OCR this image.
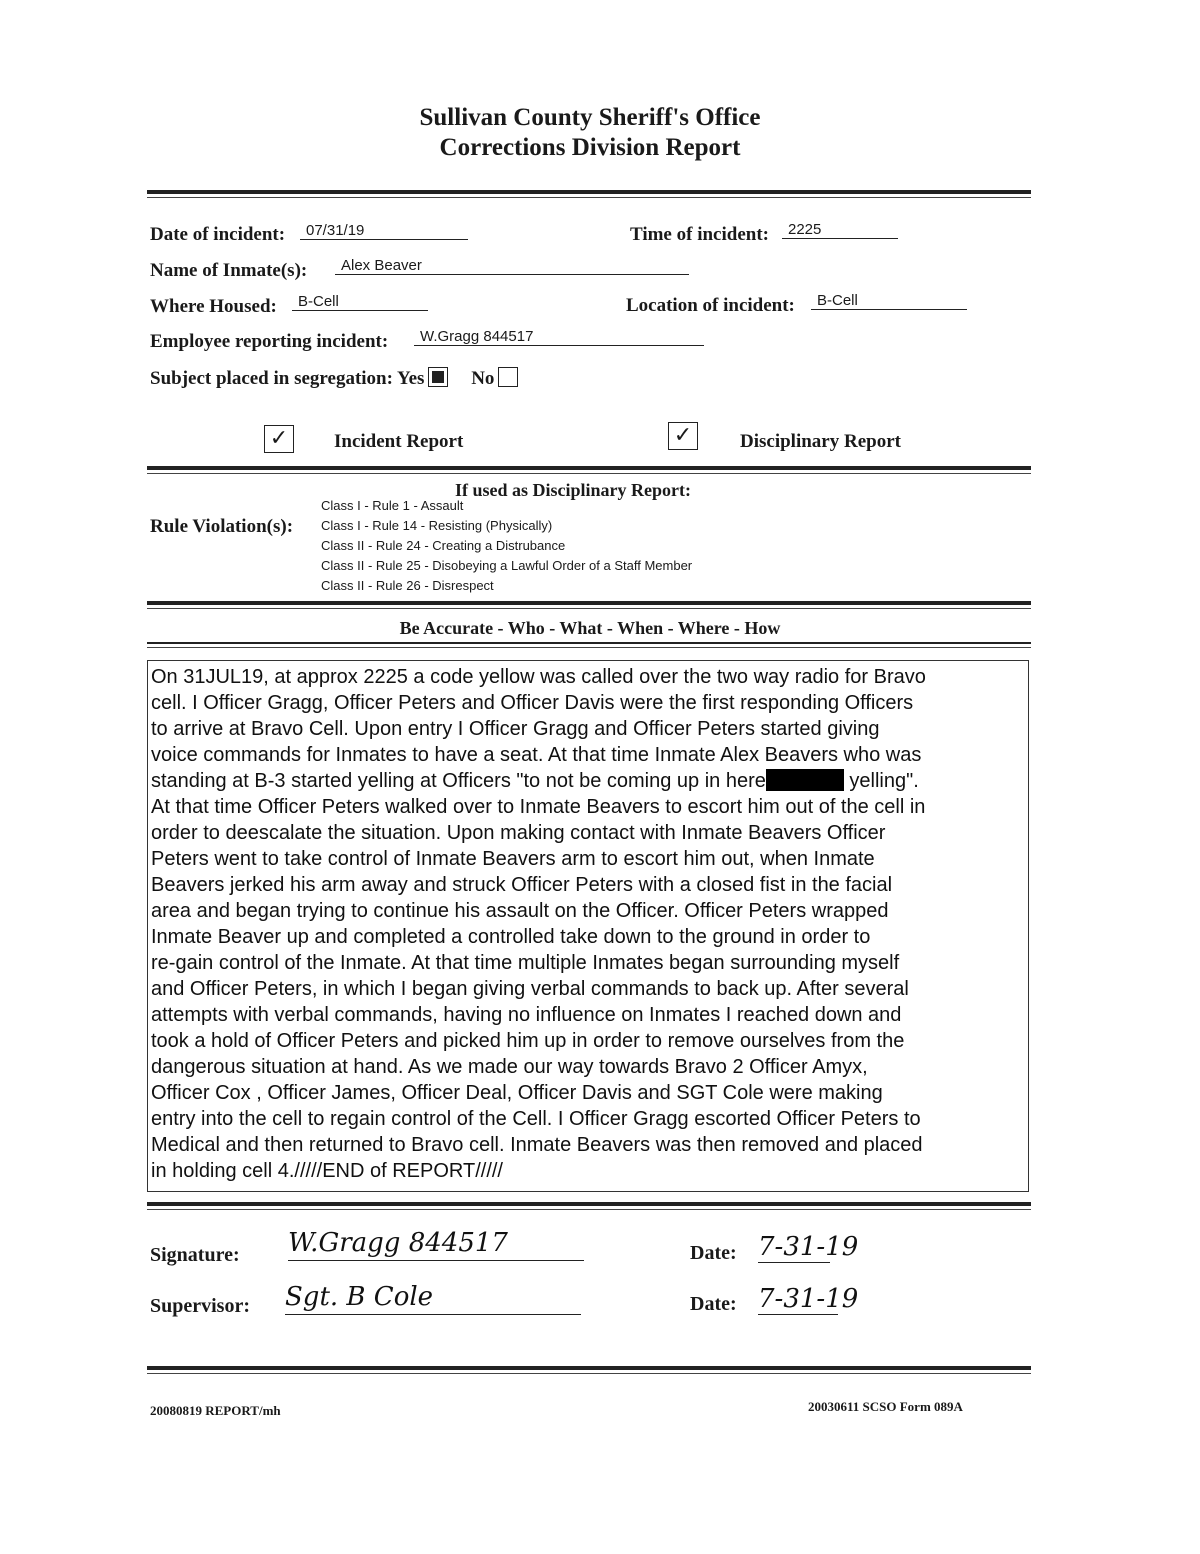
Sullivan County Sheriff's Office
Corrections Division Report
Date of incident:	07/31/19	Time of incident:	2225
Name of Inmate(s):	Alex Beaver
Where Housed:	B-Cell	Location of incident:	B-Cell
Employee reporting incident:	W.Gragg 844517
Subject placed in segregation: Yes No
✓	Incident Report	✓	Disciplinary Report
If used as Disciplinary Report:
Rule Violation(s):
Class I - Rule 1 - Assault
Class I - Rule 14 - Resisting (Physically)
Class II - Rule 24 - Creating a Distrubance
Class II - Rule 25 - Disobeying a Lawful Order of a Staff Member
Class II - Rule 26 - Disrespect
Be Accurate - Who - What - When - Where - How
On 31JUL19, at approx 2225 a code yellow was called over the two way radio for Bravo
cell. I Officer Gragg, Officer Peters and Officer Davis were the first responding Officers
to arrive at Bravo Cell. Upon entry I Officer Gragg and Officer Peters started giving
voice commands for Inmates to have a seat. At that time Inmate Alex Beavers who was
standing at B-3 started yelling at Officers "to not be coming up in here	yelling".
At that time Officer Peters walked over to Inmate Beavers to escort him out of the cell in
order to deescalate the situation. Upon making contact with Inmate Beavers Officer
Peters went to take control of Inmate Beavers arm to escort him out, when Inmate
Beavers jerked his arm away and struck Officer Peters with a closed fist in the facial
area and began trying to continue his assault on the Officer. Officer Peters wrapped
Inmate Beaver up and completed a controlled take down to the ground in order to
re-gain control of the Inmate. At that time multiple Inmates began surrounding myself
and Officer Peters, in which I began giving verbal commands to back up. After several
attempts with verbal commands, having no influence on Inmates I reached down and
took a hold of Officer Peters and picked him up in order to remove ourselves from the
dangerous situation at hand. As we made our way towards Bravo 2 Officer Amyx,
Officer Cox , Officer James, Officer Deal, Officer Davis and SGT Cole were making
entry into the cell to regain control of the Cell. I Officer Gragg escorted Officer Peters to
Medical and then returned to Bravo cell. Inmate Beavers was then removed and placed
in holding cell 4./////END of REPORT/////
Signature: W.Gragg 844517	Date: 7-31-19
Supervisor: Sgt. B Cole	Date: 7-31-19
20080819 REPORT/mh	20030611 SCSO Form 089A
